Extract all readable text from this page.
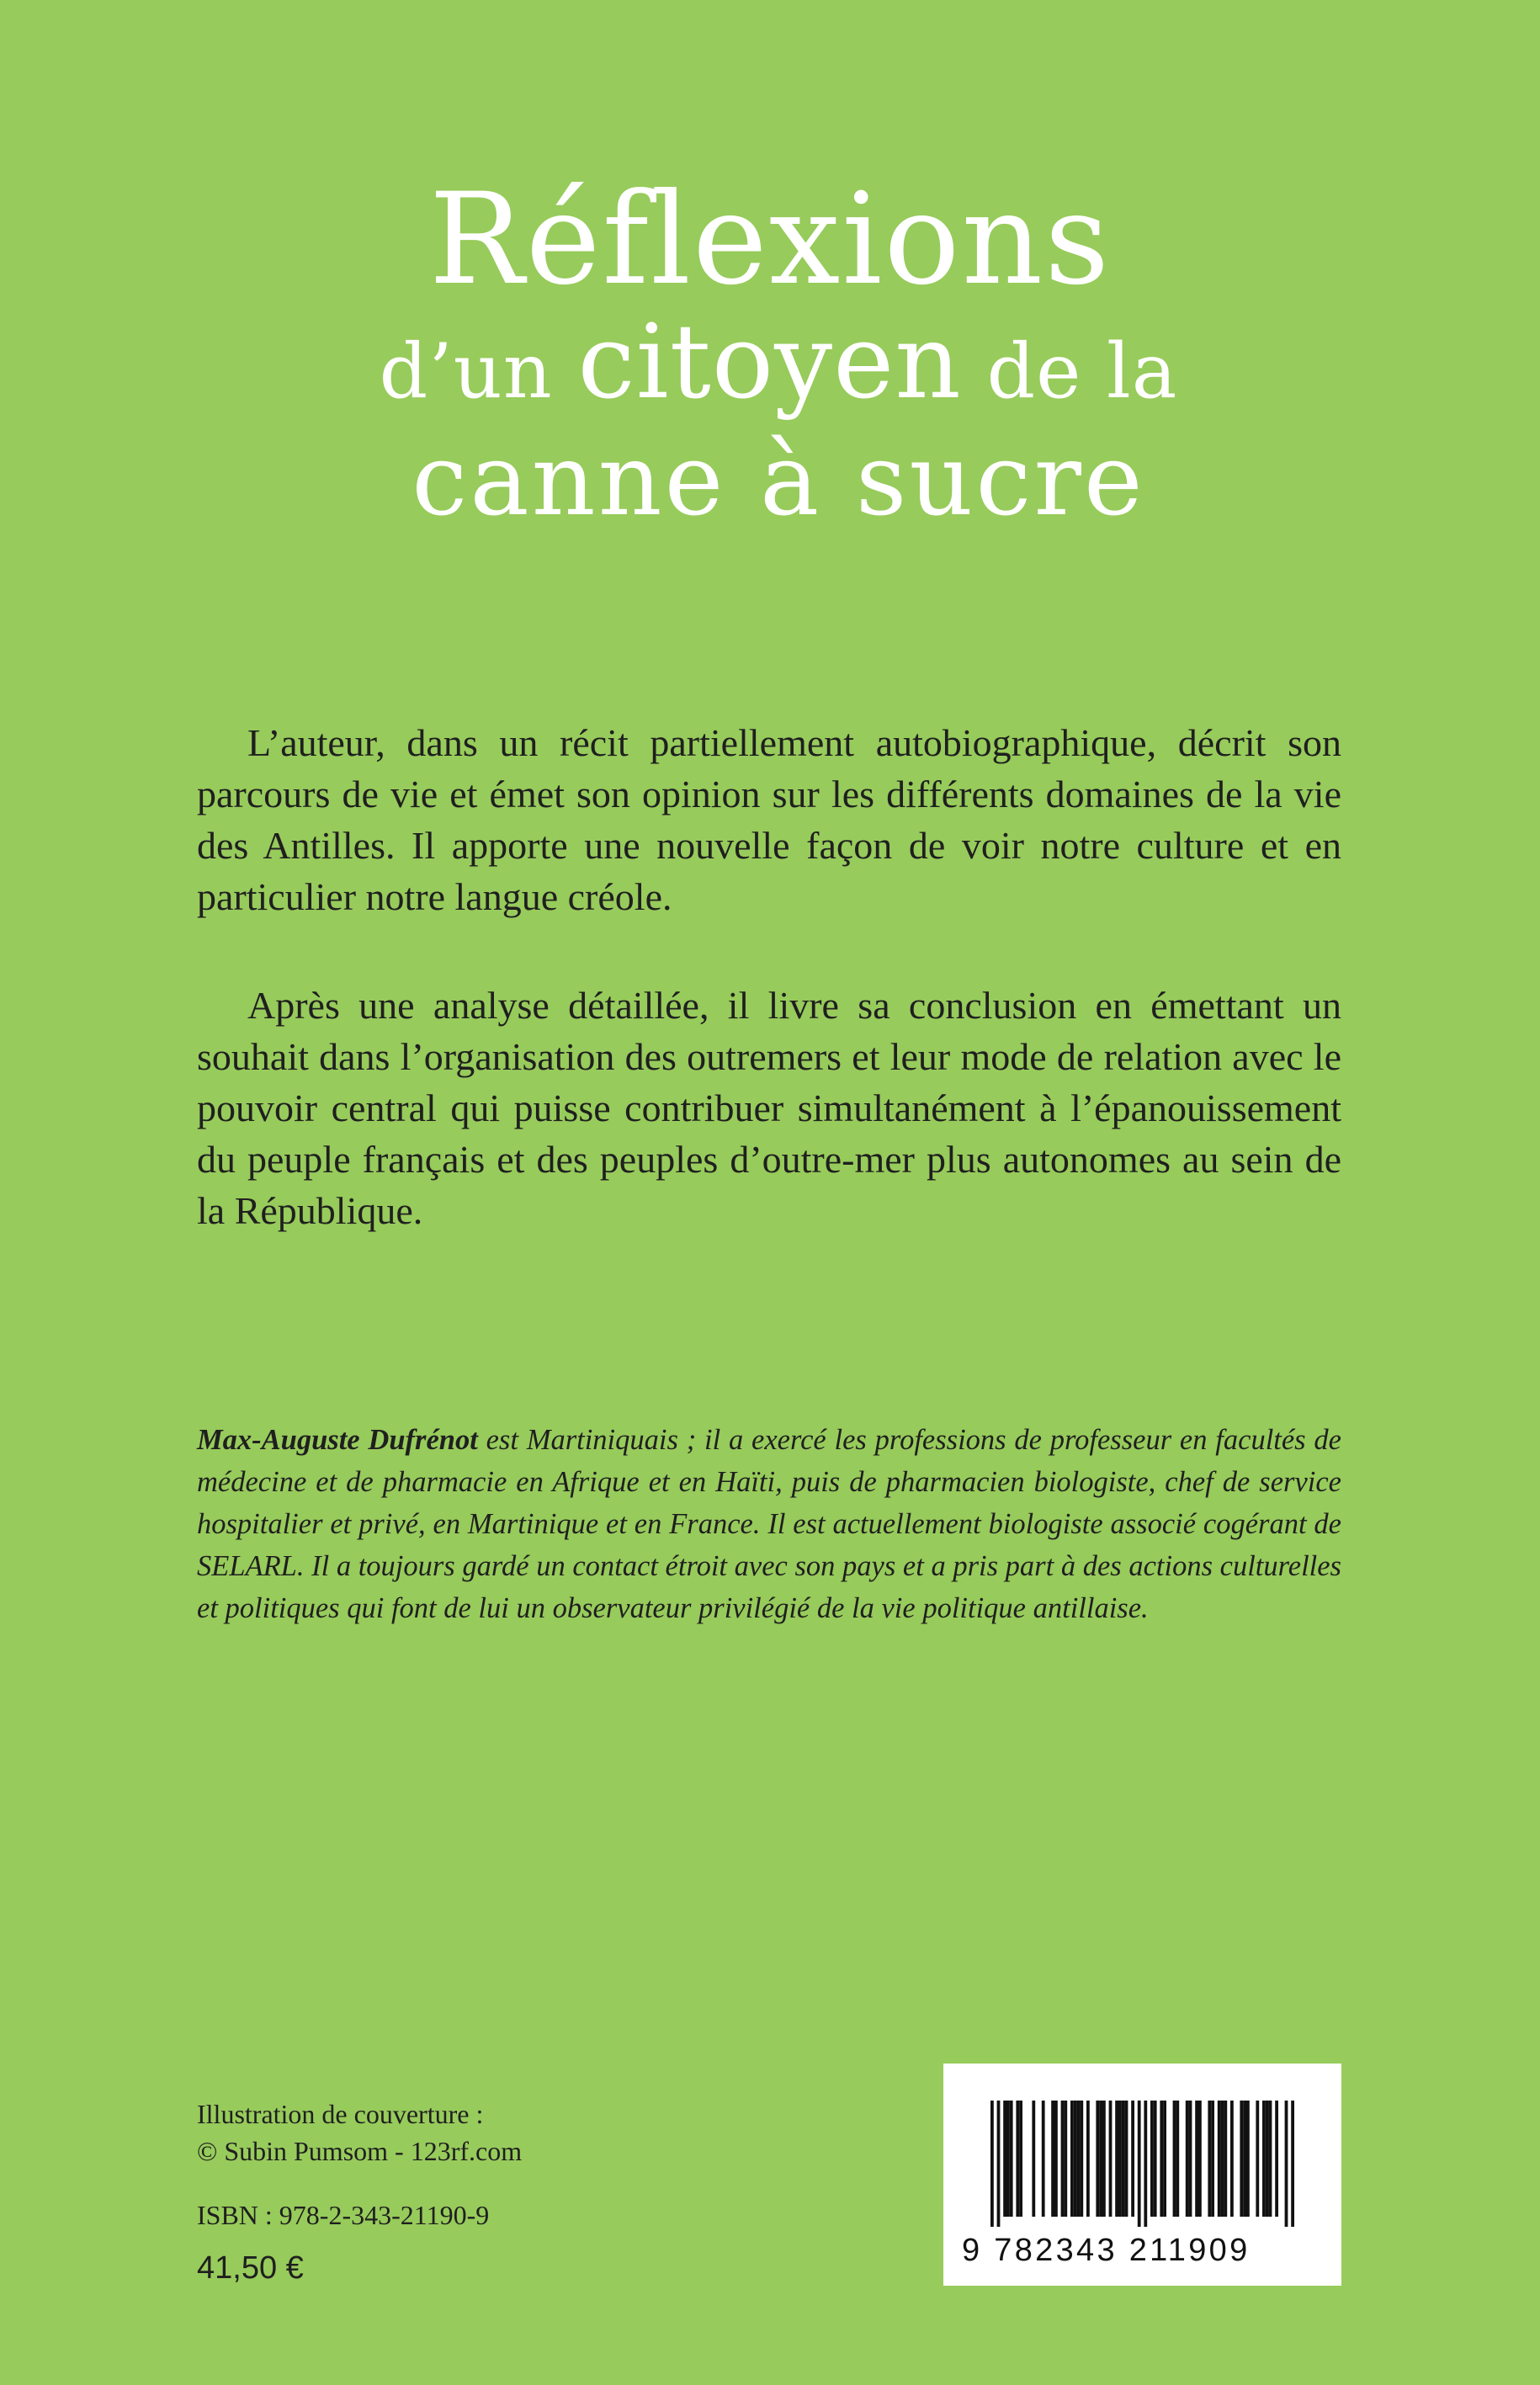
Réflexions
d’un citoyen de la
canne à sucre

L’auteur, dans un récit partiellement autobiographique, décrit son parcours de vie et émet son opinion sur les différents domaines de la vie des Antilles. Il apporte une nouvelle façon de voir notre culture et en particulier notre langue créole.

Après une analyse détaillée, il livre sa conclusion en émettant un souhait dans l’organisation des outremers et leur mode de relation avec le pouvoir central qui puisse contribuer simultanément à l’épanouissement du peuple français et des peuples d’outre-mer plus autonomes au sein de la République.

Max-Auguste Dufrénot est Martiniquais ; il a exercé les professions de professeur en facultés de médecine et de pharmacie en Afrique et en Haïti, puis de pharmacien biologiste, chef de service hospitalier et privé, en Martinique et en France. Il est actuellement biologiste associé cogérant de SELARL. Il a toujours gardé un contact étroit avec son pays et a pris part à des actions culturelles et politiques qui font de lui un observateur privilégié de la vie politique antillaise.
Illustration de couverture :
© Subin Pumsom - 123rf.com
ISBN : 978-2-343-21190-9
41,50 €	9 782343 211909
